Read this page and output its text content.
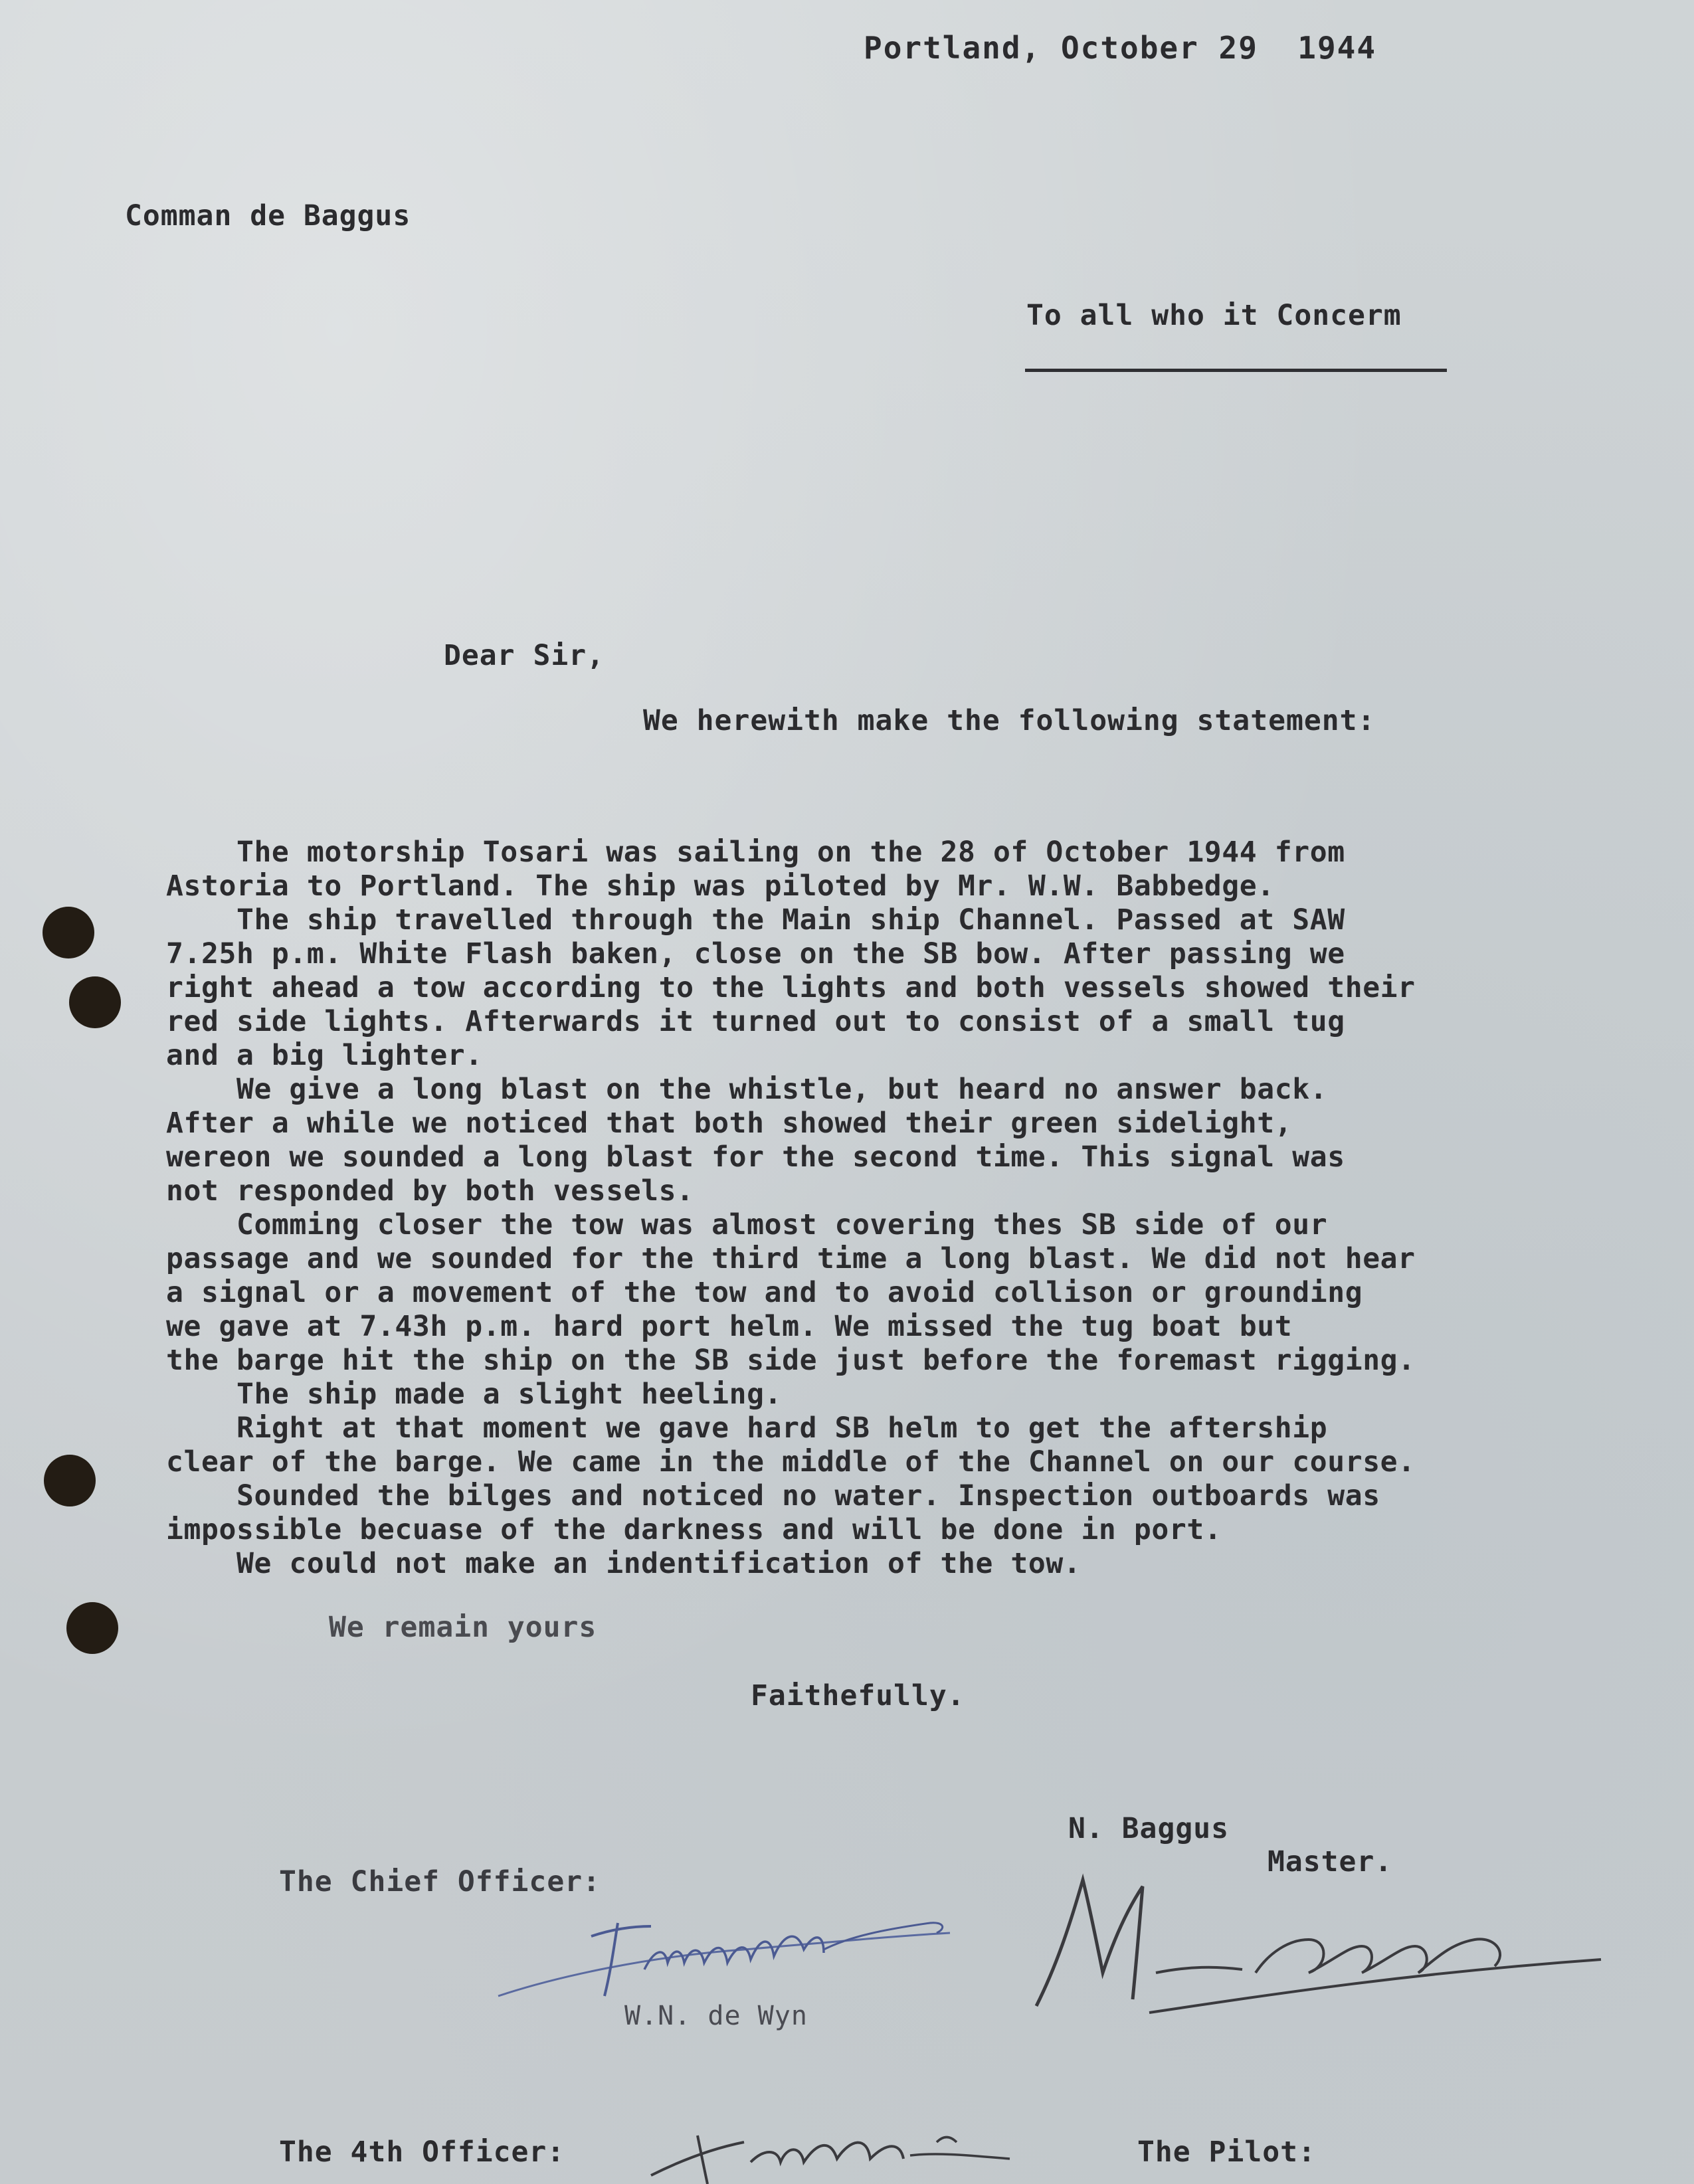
Portland, October 29  1944
Comman de Baggus
To all who it Concerm
Dear Sir,
We herewith make the following statement:
The motorship Tosari was sailing on the 28 of October 1944 from
Astoria to Portland. The ship was piloted by Mr. W.W. Babbedge.
The ship travelled through the Main ship Channel. Passed at SAW
7.25h p.m. White Flash baken, close on the SB bow. After passing we
right ahead a tow according to the lights and both vessels showed their
red side lights. Afterwards it turned out to consist of a small tug
and a big lighter.
We give a long blast on the whistle, but heard no answer back.
After a while we noticed that both showed their green sidelight,
wereon we sounded a long blast for the second time. This signal was
not responded by both vessels.
Comming closer the tow was almost covering thes SB side of our
passage and we sounded for the third time a long blast. We did not hear
a signal or a movement of the tow and to avoid collison or grounding
we gave at 7.43h p.m. hard port helm. We missed the tug boat but
the barge hit the ship on the SB side just before the foremast rigging.
The ship made a slight heeling.
Right at that moment we gave hard SB helm to get the aftership
clear of the barge. We came in the middle of the Channel on our course.
Sounded the bilges and noticed no water. Inspection outboards was
impossible becuase of the darkness and will be done in port.
We could not make an indentification of the tow.
We remain yours
Faithefully.
N. Baggus
Master.
The Chief Officer:
W.N. de Wyn
The 4th Officer:	The Pilot:
